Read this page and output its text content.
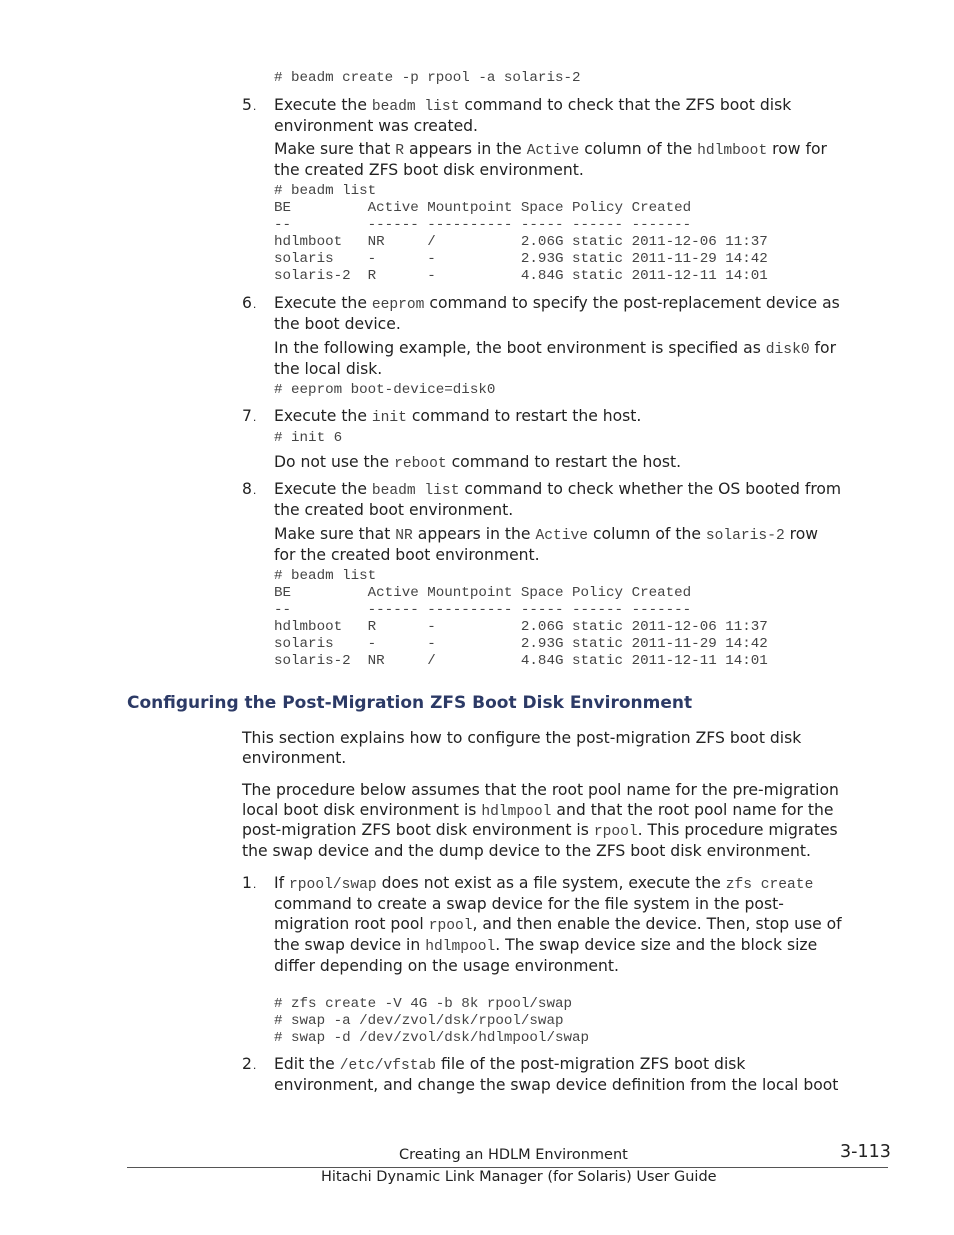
# beadm create -p rpool -a solaris-2

5. Execute the beadm list command to check that the ZFS boot disk

environment was created.

Make sure that R appears in the Active column of the hdlmboot row for

the created ZFS boot disk environment.

# beadm list
BE         Active Mountpoint Space Policy Created
--         ------ ---------- ----- ------ -------
hdlmboot   NR     /          2.06G static 2011-12-06 11:37
solaris    -      -          2.93G static 2011-11-29 14:42
solaris-2  R      -          4.84G static 2011-12-11 14:01

6. Execute the eeprom command to specify the post-replacement device as

the boot device.

In the following example, the boot environment is specified as disk0 for

the local disk.

# eeprom boot-device=disk0

7. Execute the init command to restart the host.

# init 6

Do not use the reboot command to restart the host.

8. Execute the beadm list command to check whether the OS booted from

the created boot environment.

Make sure that NR appears in the Active column of the solaris-2 row

for the created boot environment.

# beadm list
BE         Active Mountpoint Space Policy Created
--         ------ ---------- ----- ------ -------
hdlmboot   R      -          2.06G static 2011-12-06 11:37
solaris    -      -          2.93G static 2011-11-29 14:42
solaris-2  NR     /          4.84G static 2011-12-11 14:01
Configuring the Post-Migration ZFS Boot Disk Environment

This section explains how to configure the post-migration ZFS boot disk

environment.

The procedure below assumes that the root pool name for the pre-migration

local boot disk environment is hdlmpool and that the root pool name for the

post-migration ZFS boot disk environment is rpool. This procedure migrates

the swap device and the dump device to the ZFS boot disk environment.

1. If rpool/swap does not exist as a file system, execute the zfs create

command to create a swap device for the file system in the post-

migration root pool rpool, and then enable the device. Then, stop use of

the swap device in hdlmpool. The swap device size and the block size

differ depending on the usage environment.

# zfs create -V 4G -b 8k rpool/swap
# swap -a /dev/zvol/dsk/rpool/swap
# swap -d /dev/zvol/dsk/hdlmpool/swap

2. Edit the /etc/vfstab file of the post-migration ZFS boot disk

environment, and change the swap device definition from the local boot

Creating an HDLM Environment	3-113

Hitachi Dynamic Link Manager (for Solaris) User Guide
